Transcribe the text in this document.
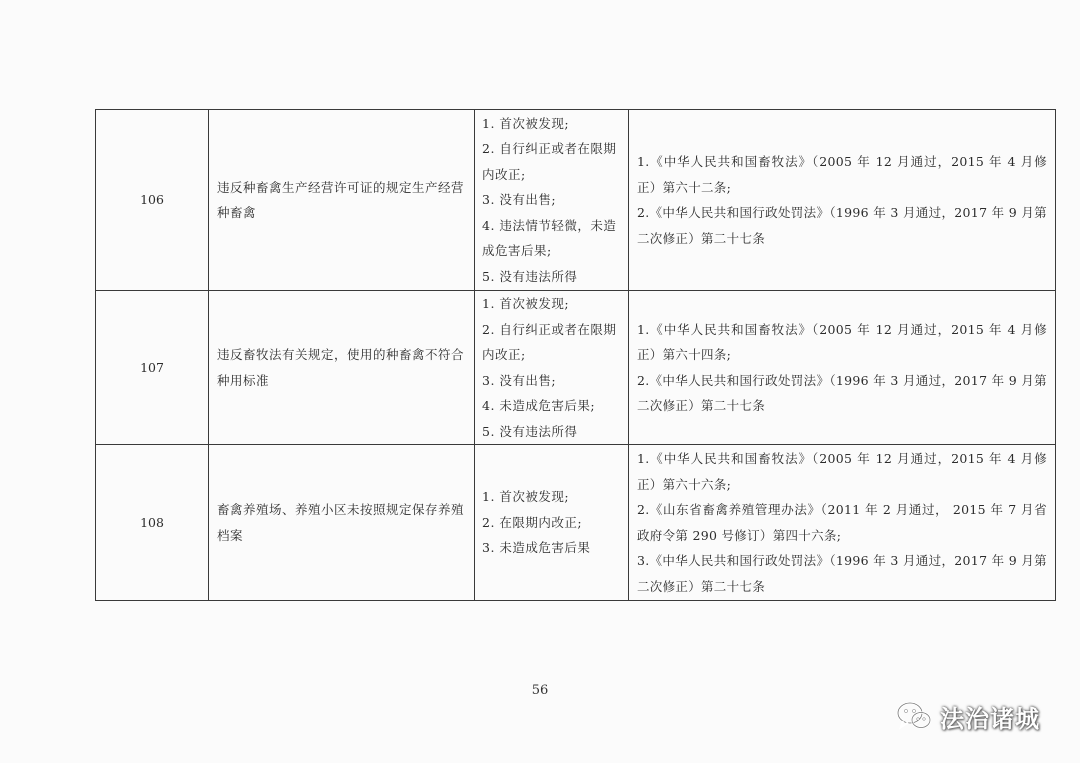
106	违反种畜禽生产经营许可证的规定生产经营种畜禽	1. 首次被发现;
2. 自行纠正或者在限期内改正;
3. 没有出售;
4. 违法情节轻微，未造成危害后果;
5. 没有违法所得	1.《中华人民共和国畜牧法》（2005 年 12 月通过，2015 年 4 月修正）第六十二条;
2.《中华人民共和国行政处罚法》（1996 年 3 月通过，2017 年 9 月第二次修正）第二十七条

107	违反畜牧法有关规定，使用的种畜禽不符合种用标准	1. 首次被发现;
2. 自行纠正或者在限期内改正;
3. 没有出售;
4. 未造成危害后果;
5. 没有违法所得	1.《中华人民共和国畜牧法》（2005 年 12 月通过，2015 年 4 月修正）第六十四条;
2.《中华人民共和国行政处罚法》（1996 年 3 月通过，2017 年 9 月第二次修正）第二十七条

108	畜禽养殖场、养殖小区未按照规定保存养殖档案	1. 首次被发现;
2. 在限期内改正;
3. 未造成危害后果	1.《中华人民共和国畜牧法》（2005 年 12 月通过，2015 年 4 月修正）第六十六条;
2.《山东省畜禽养殖管理办法》（2011 年 2 月通过， 2015 年 7 月省政府令第 290 号修订）第四十六条;
3.《中华人民共和国行政处罚法》（1996 年 3 月通过，2017 年 9 月第二次修正）第二十七条
56
法治诸城
